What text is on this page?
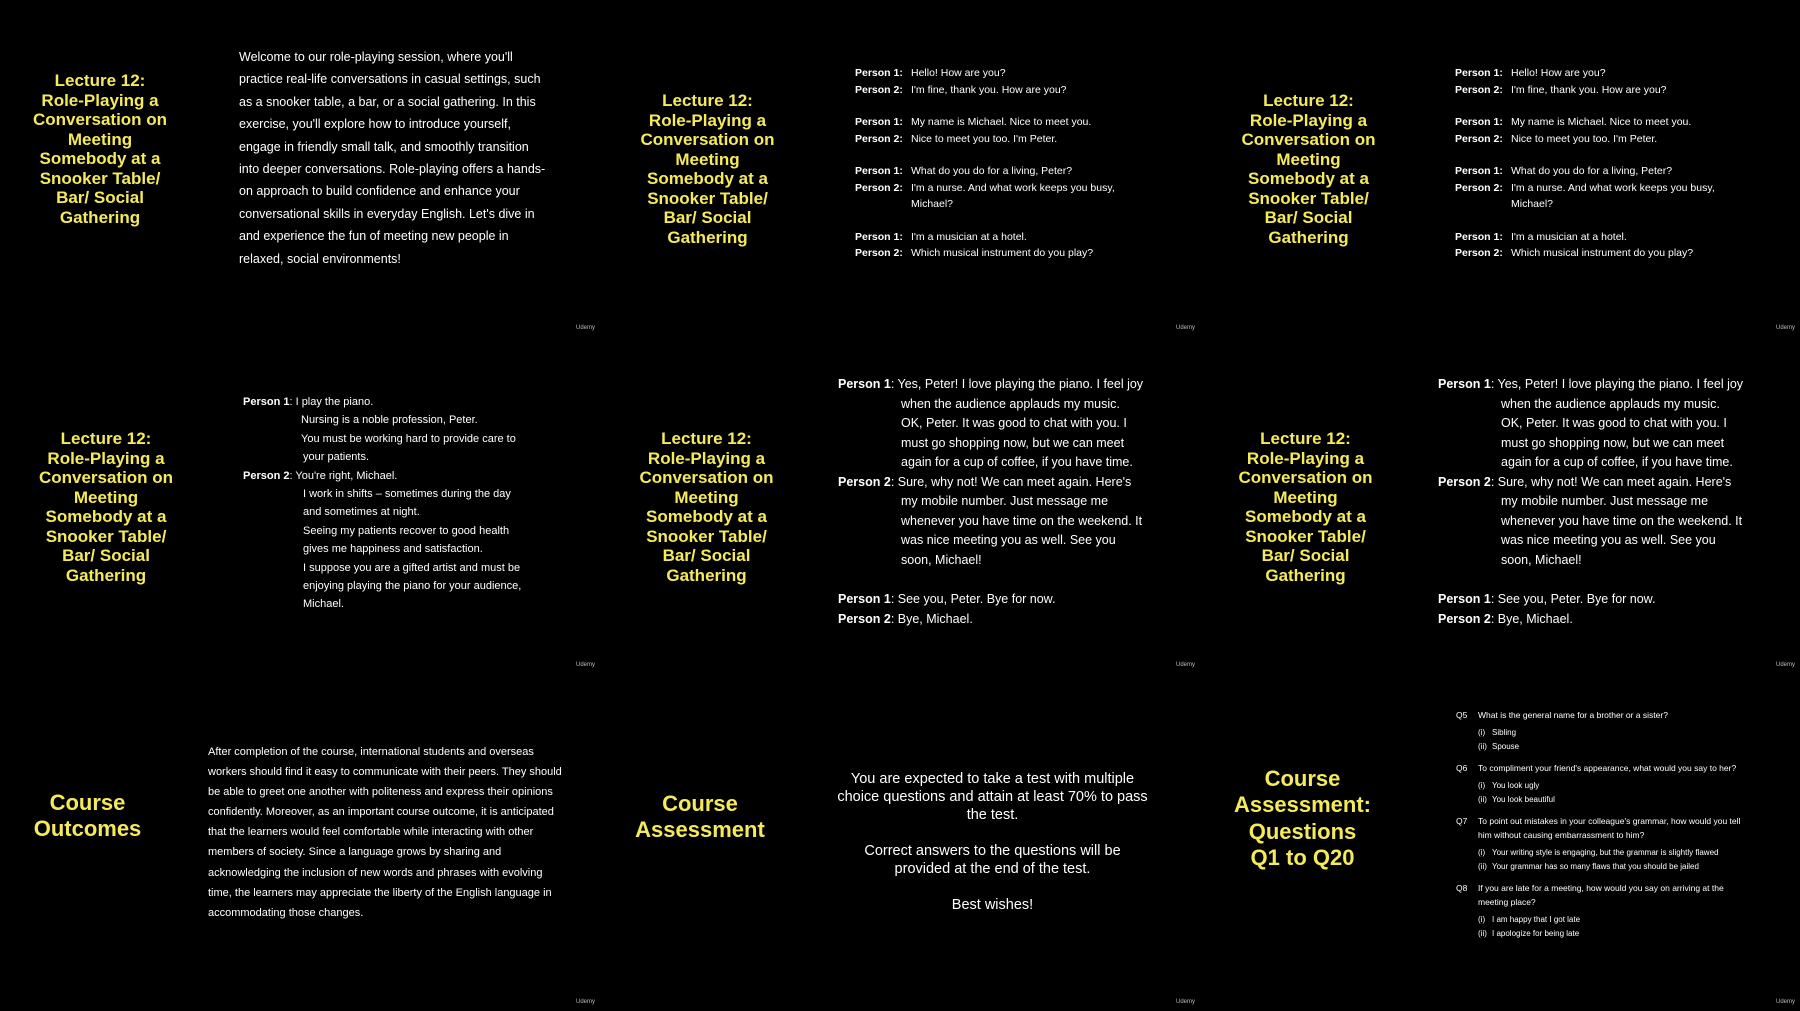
Lecture 12:
Role-Playing a
Conversation on
Meeting
Somebody at a
Snooker Table/
Bar/ Social
Gathering
Welcome to our role-playing session, where you'll practice real-life conversations in casual settings, such as a snooker table, a bar, or a social gathering. In this exercise, you'll explore how to introduce yourself, engage in friendly small talk, and smoothly transition into deeper conversations. Role-playing offers a hands-on approach to build confidence and enhance your conversational skills in everyday English. Let's dive in and experience the fun of meeting new people in relaxed, social environments!
Udemy
Lecture 12:
Role-Playing a
Conversation on
Meeting
Somebody at a
Snooker Table/
Bar/ Social
Gathering
Person 1: Hello! How are you?
Person 2: I'm fine, thank you. How are you?
Person 1: My name is Michael. Nice to meet you.
Person 2: Nice to meet you too. I'm Peter.
Person 1: What do you do for a living, Peter?
Person 2: I'm a nurse. And what work keeps you busy, Michael?
Person 1: I'm a musician at a hotel.
Person 2: Which musical instrument do you play?
Udemy
Lecture 12:
Role-Playing a
Conversation on
Meeting
Somebody at a
Snooker Table/
Bar/ Social
Gathering
Person 1: Hello! How are you?
Person 2: I'm fine, thank you. How are you?
Person 1: My name is Michael. Nice to meet you.
Person 2: Nice to meet you too. I'm Peter.
Person 1: What do you do for a living, Peter?
Person 2: I'm a nurse. And what work keeps you busy, Michael?
Person 1: I'm a musician at a hotel.
Person 2: Which musical instrument do you play?
Udemy
Lecture 12:
Role-Playing a
Conversation on
Meeting
Somebody at a
Snooker Table/
Bar/ Social
Gathering
Person 1: I play the piano.
Nursing is a noble profession, Peter.
You must be working hard to provide care to
your patients.
Person 2: You're right, Michael.
I work in shifts – sometimes during the day
and sometimes at night.
Seeing my patients recover to good health
gives me happiness and satisfaction.
I suppose you are a gifted artist and must be
enjoying playing the piano for your audience,
Michael.
Udemy
Lecture 12:
Role-Playing a
Conversation on
Meeting
Somebody at a
Snooker Table/
Bar/ Social
Gathering
Person 1: Yes, Peter! I love playing the piano. I feel joy
when the audience applauds my music.
OK, Peter. It was good to chat with you. I
must go shopping now, but we can meet
again for a cup of coffee, if you have time.
Person 2: Sure, why not! We can meet again. Here's
my mobile number. Just message me
whenever you have time on the weekend. It
was nice meeting you as well. See you
soon, Michael!
Person 1: See you, Peter. Bye for now.
Person 2: Bye, Michael.
Udemy
Lecture 12:
Role-Playing a
Conversation on
Meeting
Somebody at a
Snooker Table/
Bar/ Social
Gathering
Person 1: Yes, Peter! I love playing the piano. I feel joy
when the audience applauds my music.
OK, Peter. It was good to chat with you. I
must go shopping now, but we can meet
again for a cup of coffee, if you have time.
Person 2: Sure, why not! We can meet again. Here's
my mobile number. Just message me
whenever you have time on the weekend. It
was nice meeting you as well. See you
soon, Michael!
Person 1: See you, Peter. Bye for now.
Person 2: Bye, Michael.
Udemy
Course
Outcomes
After completion of the course, international students and overseas workers should find it easy to communicate with their peers. They should be able to greet one another with politeness and express their opinions confidently. Moreover, as an important course outcome, it is anticipated that the learners would feel comfortable while interacting with other members of society. Since a language grows by sharing and acknowledging the inclusion of new words and phrases with evolving time, the learners may appreciate the liberty of the English language in accommodating those changes.
Udemy
Course
Assessment
You are expected to take a test with multiple choice questions and attain at least 70% to pass the test.
Correct answers to the questions will be provided at the end of the test.
Best wishes!
Udemy
Course
Assessment:
Questions
Q1 to Q20
Q5	What is the general name for a brother or a sister?
(i) Sibling
(ii) Spouse
Q6	To compliment your friend's appearance, what would you say to her?
(i) You look ugly
(ii) You look beautiful
Q7	To point out mistakes in your colleague's grammar, how would you tell him without causing embarrassment to him?
(i) Your writing style is engaging, but the grammar is slightly flawed
(ii) Your grammar has so many flaws that you should be jailed
Q8	If you are late for a meeting, how would you say on arriving at the meeting place?
(i) I am happy that I got late
(ii) I apologize for being late
Udemy
